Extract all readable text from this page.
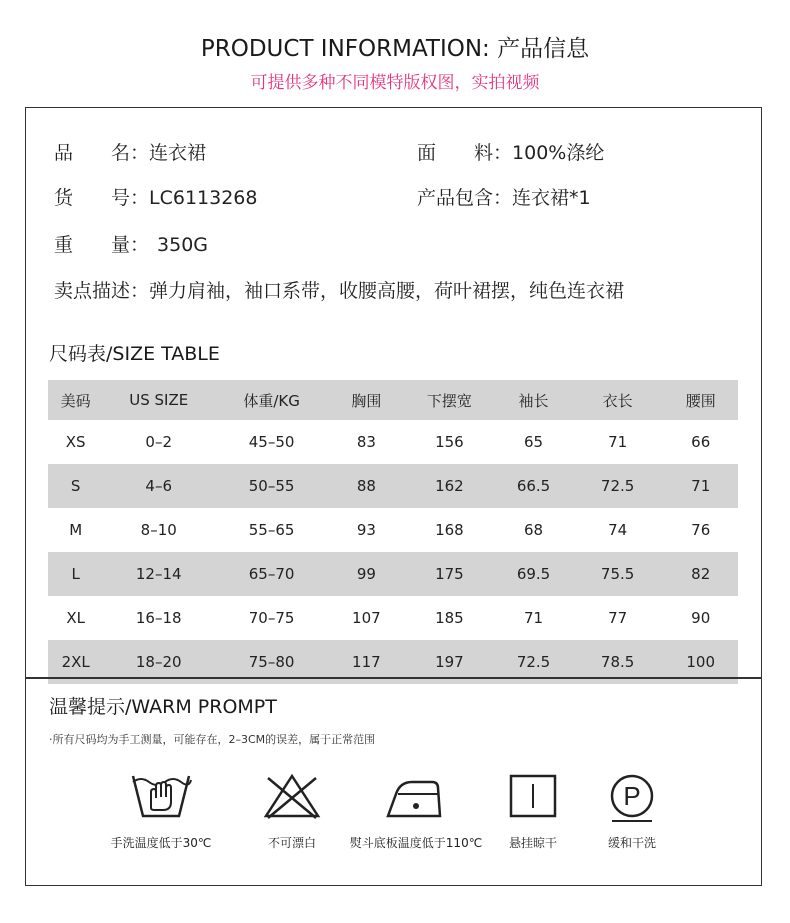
PRODUCT INFORMATION: 产品信息
可提供多种不同模特版权图，实拍视频
品　　名：连衣裙	面　　料：100%涤纶
货　　号：LC6113268	产品包含：连衣裙*1
重　　量： 350G
卖点描述：弹力肩袖，袖口系带，收腰高腰，荷叶裙摆，纯色连衣裙
尺码表/SIZE TABLE
美码	US SIZE	体重/KG	胸围	下摆宽	袖长	衣长	腰围
XS	0–2	45–50	83	156	65	71	66
S	4–6	50–55	88	162	66.5	72.5	71
M	8–10	55–65	93	168	68	74	76
L	12–14	65–70	99	175	69.5	75.5	82
XL	16–18	70–75	107	185	71	77	90
2XL	18–20	75–80	117	197	72.5	78.5	100
温馨提示/WARM PROMPT
·所有尺码均为手工测量，可能存在，2–3CM的误差，属于正常范围
手洗温度低于30℃	不可漂白	熨斗底板温度低于110℃	悬挂晾干
P
缓和干洗
